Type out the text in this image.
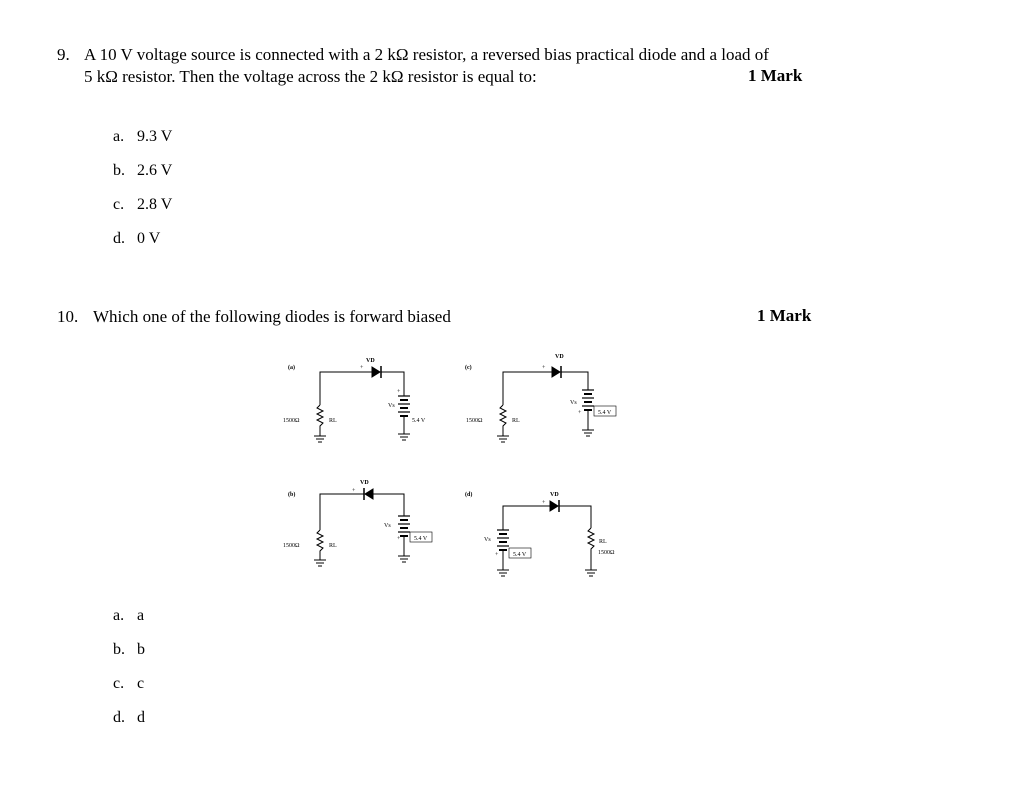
9. A 10 V voltage source is connected with a 2 kΩ resistor, a reversed bias practical diode and a load of
5 kΩ resistor. Then the voltage across the 2 kΩ resistor is equal to:	1 Mark
a. 9.3 V
b. 2.6 V
c. 2.8 V
d. 0 V
10. Which one of the following diodes is forward biased	1 Mark
(a)
VD
Vs
1500Ω	RL	5.4 V
(c)
VD
Vs
1500Ω	RL
5.4 V
(b)
VD
Vs
1500Ω	RL
5.4 V
(d)	VD
Vs
5.4 V
RL
1500Ω
+
+
+
+
+
+
+
+
a. a
b. b
c. c
d. d
